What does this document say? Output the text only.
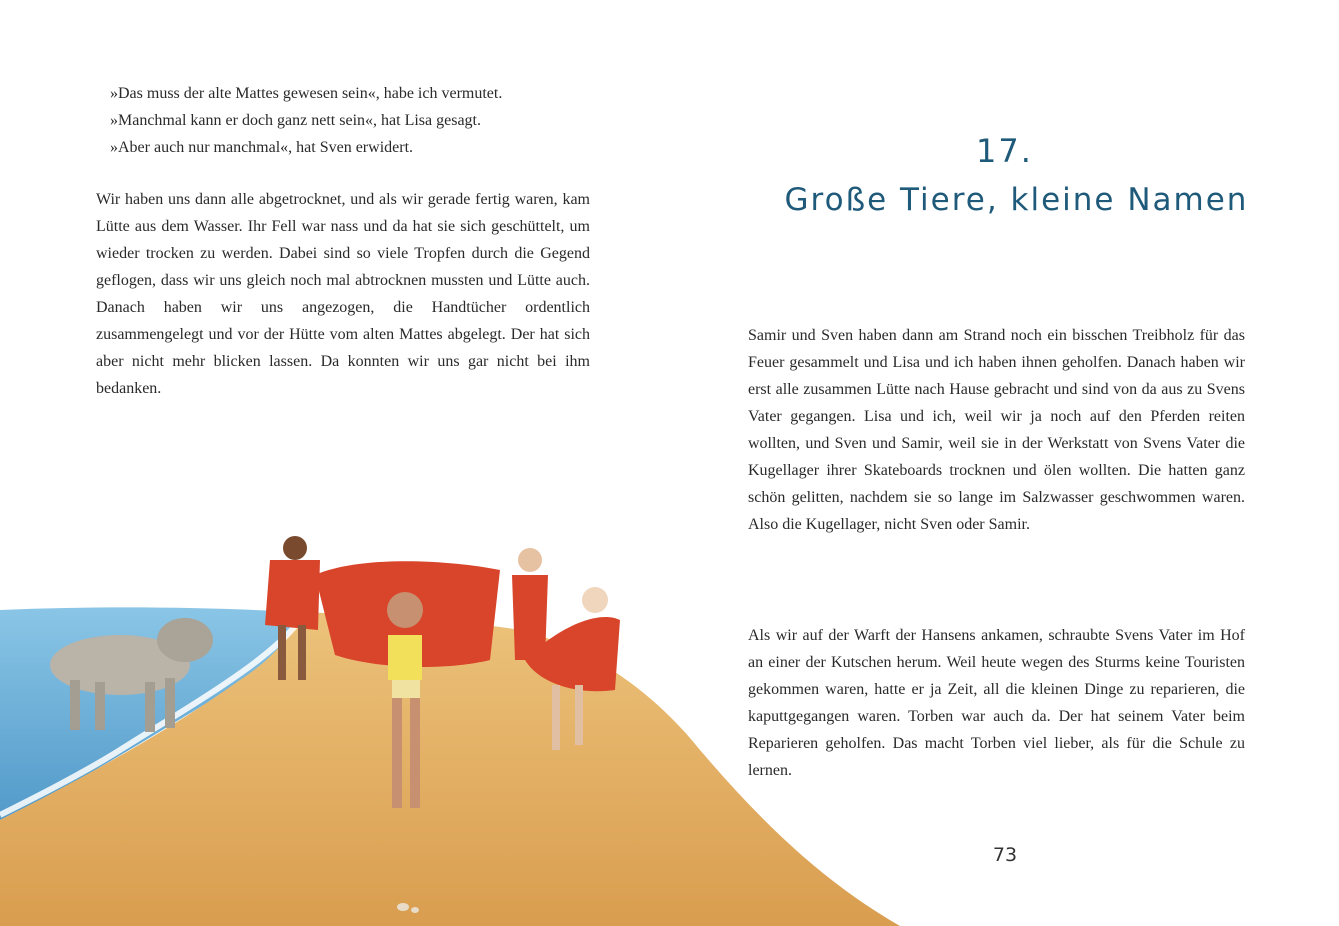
»Das muss der alte Mattes gewesen sein«, habe ich vermutet.

»Manchmal kann er doch ganz nett sein«, hat Lisa gesagt.

»Aber auch nur manchmal«, hat Sven erwidert.

Wir haben uns dann alle abgetrocknet, und als wir gerade fertig waren, kam Lütte aus dem Wasser. Ihr Fell war nass und da hat sie sich geschüttelt, um wieder trocken zu werden. Dabei sind so viele Tropfen durch die Gegend geflogen, dass wir uns gleich noch mal abtrocknen mussten und Lütte auch. Danach haben wir uns angezogen, die Handtücher ordentlich zusammengelegt und vor der Hütte vom alten Mattes abgelegt. Der hat sich aber nicht mehr blicken lassen. Da konnten wir uns gar nicht bei ihm bedanken.

17.
Große Tiere, kleine Namen

Samir und Sven haben dann am Strand noch ein bisschen Treibholz für das Feuer gesammelt und Lisa und ich haben ihnen geholfen. Danach haben wir erst alle zusammen Lütte nach Hause gebracht und sind von da aus zu Svens Vater gegangen. Lisa und ich, weil wir ja noch auf den Pferden reiten wollten, und Sven und Samir, weil sie in der Werkstatt von Svens Vater die Kugellager ihrer Skateboards trocknen und ölen wollten. Die hatten ganz schön gelitten, nachdem sie so lange im Salzwasser geschwommen waren. Also die Kugellager, nicht Sven oder Samir.

Als wir auf der Warft der Hansens ankamen, schraubte Svens Vater im Hof an einer der Kutschen herum. Weil heute wegen des Sturms keine Touristen gekommen waren, hatte er ja Zeit, all die kleinen Dinge zu reparieren, die kaputtgegangen waren. Torben war auch da. Der hat seinem Vater beim Reparieren geholfen. Das macht Torben viel lieber, als für die Schule zu lernen.

73
